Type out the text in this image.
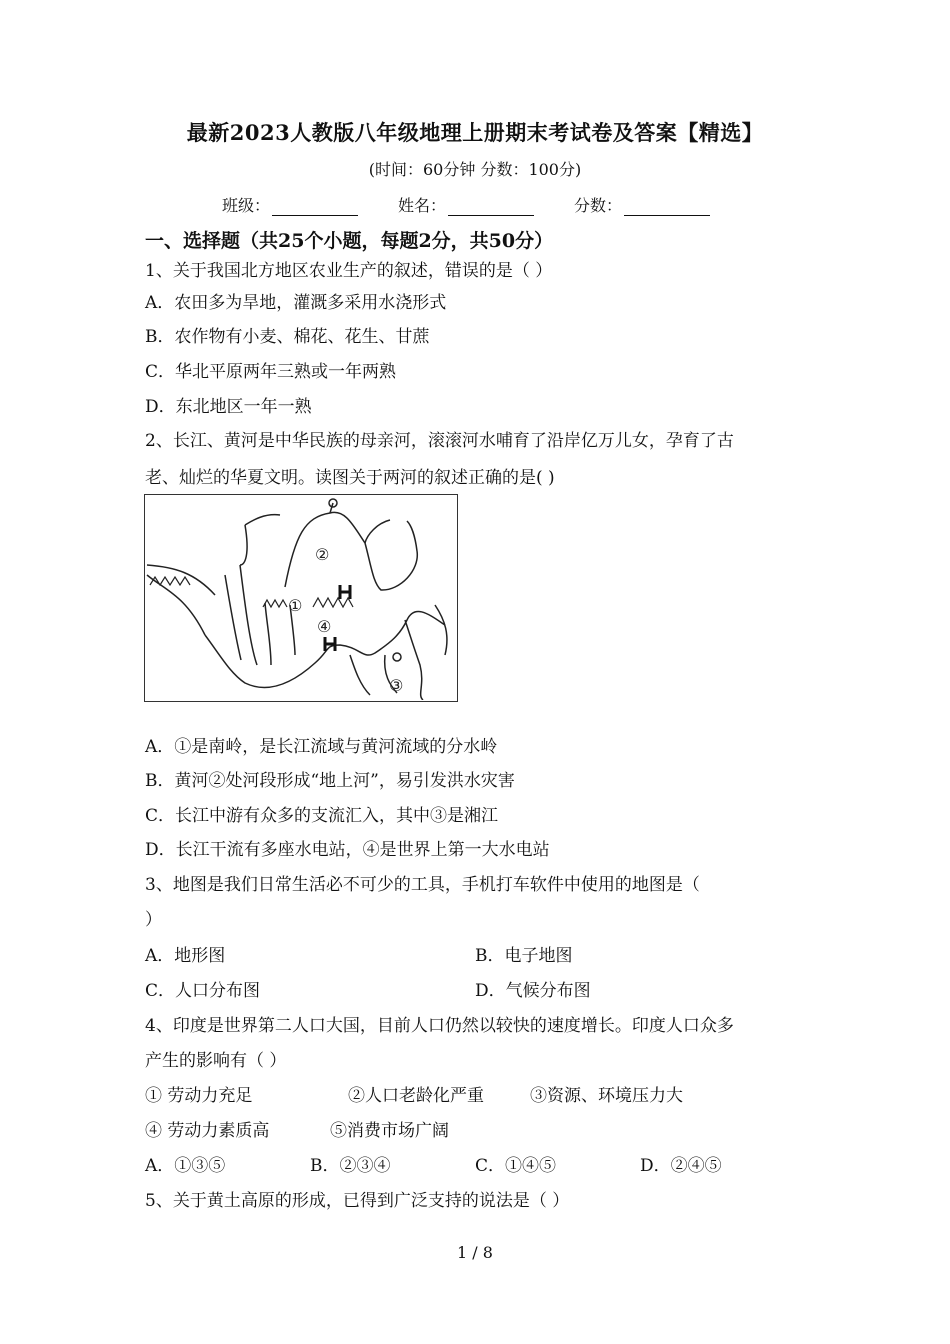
最新2023人教版八年级地理上册期末考试卷及答案【精选】
(时间：60分钟 分数：100分)
班级：	姓名：	分数：
一、选择题（共25个小题，每题2分，共50分）
1、关于我国北方地区农业生产的叙述，错误的是（ ）
A．农田多为旱地，灌溉多采用水浇形式
B．农作物有小麦、棉花、花生、甘蔗
C．华北平原两年三熟或一年两熟
D．东北地区一年一熟
2、长江、黄河是中华民族的母亲河，滚滚河水哺育了沿岸亿万儿女，孕育了古
老、灿烂的华夏文明。读图关于两河的叙述正确的是( )
②
①
④
③
A．①是南岭，是长江流域与黄河流域的分水岭
B．黄河②处河段形成“地上河”，易引发洪水灾害
C．长江中游有众多的支流汇入，其中③是湘江
D．长江干流有多座水电站，④是世界上第一大水电站
3、地图是我们日常生活必不可少的工具，手机打车软件中使用的地图是（
）
A．地形图	B．电子地图
C．人口分布图	D．气候分布图
4、印度是世界第二人口大国，目前人口仍然以较快的速度增长。印度人口众多
产生的影响有（ ）
① 劳动力充足	②人口老龄化严重	③资源、环境压力大
④ 劳动力素质高	⑤消费市场广阔
A．①③⑤	B．②③④	C．①④⑤	D．②④⑤
5、关于黄土高原的形成，已得到广泛支持的说法是（ ）
1 / 8
